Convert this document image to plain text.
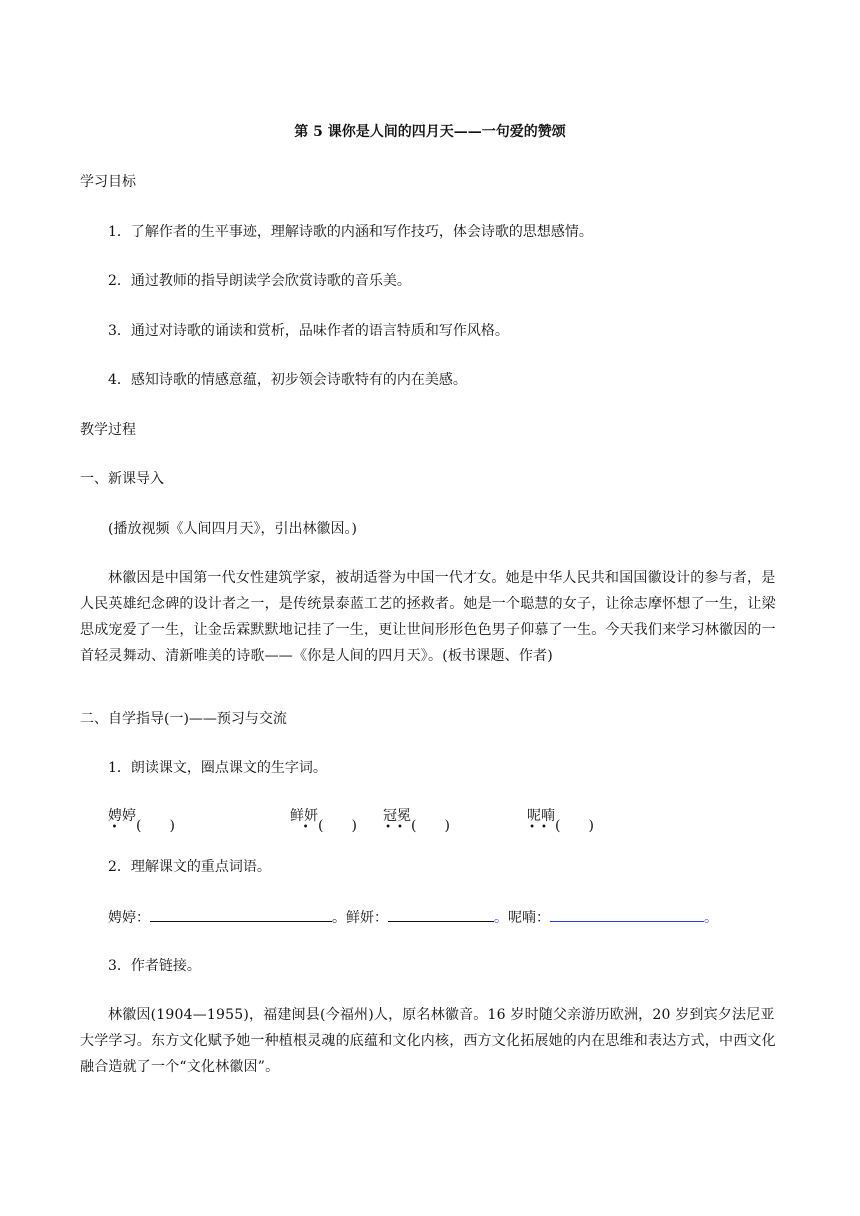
第 5 课你是人间的四月天——一句爱的赞颂
学习目标
1．了解作者的生平事迹，理解诗歌的内涵和写作技巧，体会诗歌的思想感情。
2．通过教师的指导朗读学会欣赏诗歌的音乐美。
3．通过对诗歌的诵读和赏析，品味作者的语言特质和写作风格。
4．感知诗歌的情感意蕴，初步领会诗歌特有的内在美感。
教学过程
一、新课导入
(播放视频《人间四月天》，引出林徽因。)
林徽因是中国第一代女性建筑学家，被胡适誉为中国一代才女。她是中华人民共和国国徽设计的参与者，是人民英雄纪念碑的设计者之一，是传统景泰蓝工艺的拯救者。她是一个聪慧的女子，让徐志摩怀想了一生，让梁思成宠爱了一生，让金岳霖默默地记挂了一生，更让世间形形色色男子仰慕了一生。今天我们来学习林徽因的一首轻灵舞动、清新唯美的诗歌——《你是人间的四月天》。(板书课题、作者)
二、自学指导(一)——预习与交流
1．朗读课文，圈点课文的生字词。
娉婷
• (　　)
鲜妍
• (　　)
冠冕
•• (　　)
呢喃
•• (　　)
2．理解课文的重点词语。
娉婷：	。鲜妍：	。呢喃：	。
3．作者链接。
林徽因(1904—1955)，福建闽县(今福州)人，原名林徽音。16 岁时随父亲游历欧洲，20 岁到宾夕法尼亚大学学习。东方文化赋予她一种植根灵魂的底蕴和文化内核，西方文化拓展她的内在思维和表达方式，中西文化融合造就了一个“文化林徽因”。
